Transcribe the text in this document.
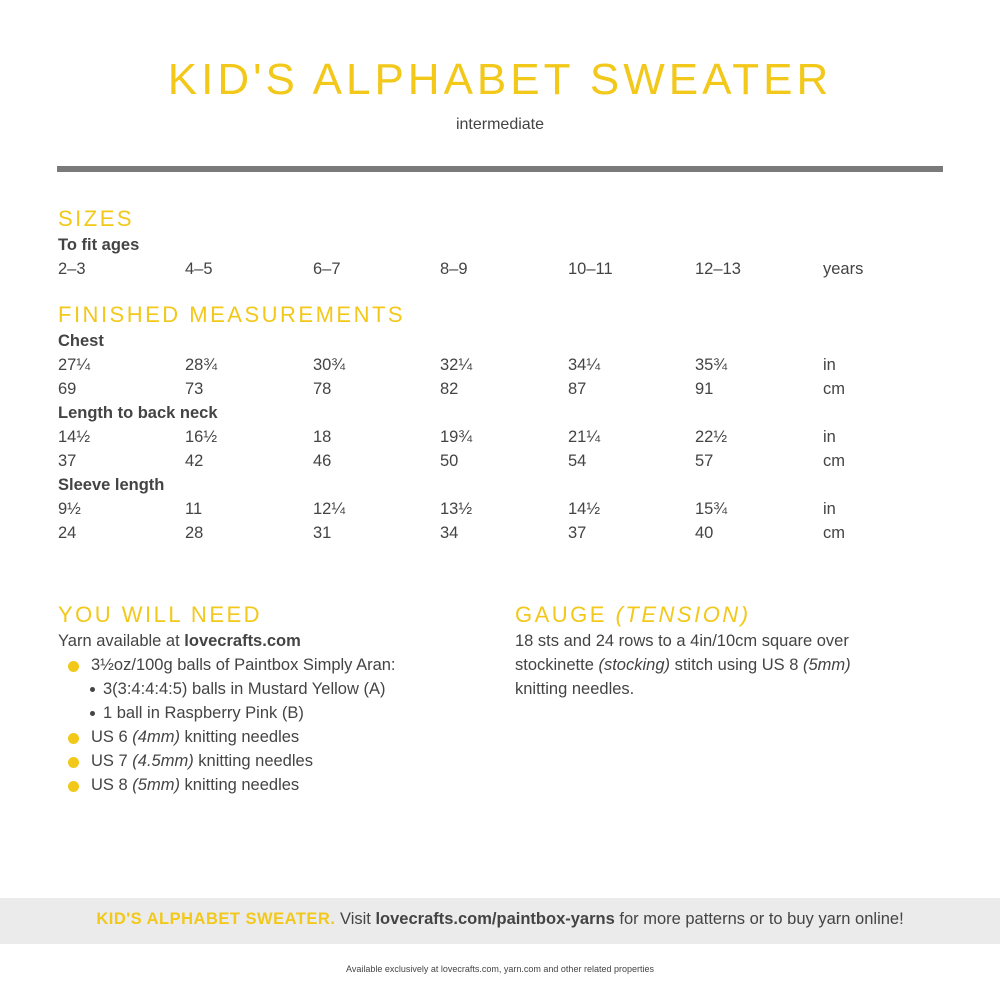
KID'S ALPHABET SWEATER
intermediate
SIZES
To fit ages
2–3	4–5	6–7	8–9	10–11	12–13	years
FINISHED MEASUREMENTS
Chest
27¼	28¾	30¾	32¼	34¼	35¾	in
69	73	78	82	87	91	cm
Length to back neck
14½	16½	18	19¾	21¼	22½	in
37	42	46	50	54	57	cm
Sleeve length
9½	11	12¼	13½	14½	15¾	in
24	28	31	34	37	40	cm
YOU WILL NEED
Yarn available at lovecrafts.com
3½oz/100g balls of Paintbox Simply Aran:
3(3:4:4:4:5) balls in Mustard Yellow (A)
1 ball in Raspberry Pink (B)
US 6 (4mm) knitting needles
US 7 (4.5mm) knitting needles
US 8 (5mm) knitting needles
GAUGE (TENSION)
18 sts and 24 rows to a 4in/10cm square over
stockinette (stocking) stitch using US 8 (5mm)
knitting needles.
KID'S ALPHABET SWEATER. Visit lovecrafts.com/paintbox-yarns for more patterns or to buy yarn online!
Available exclusively at lovecrafts.com, yarn.com and other related properties
